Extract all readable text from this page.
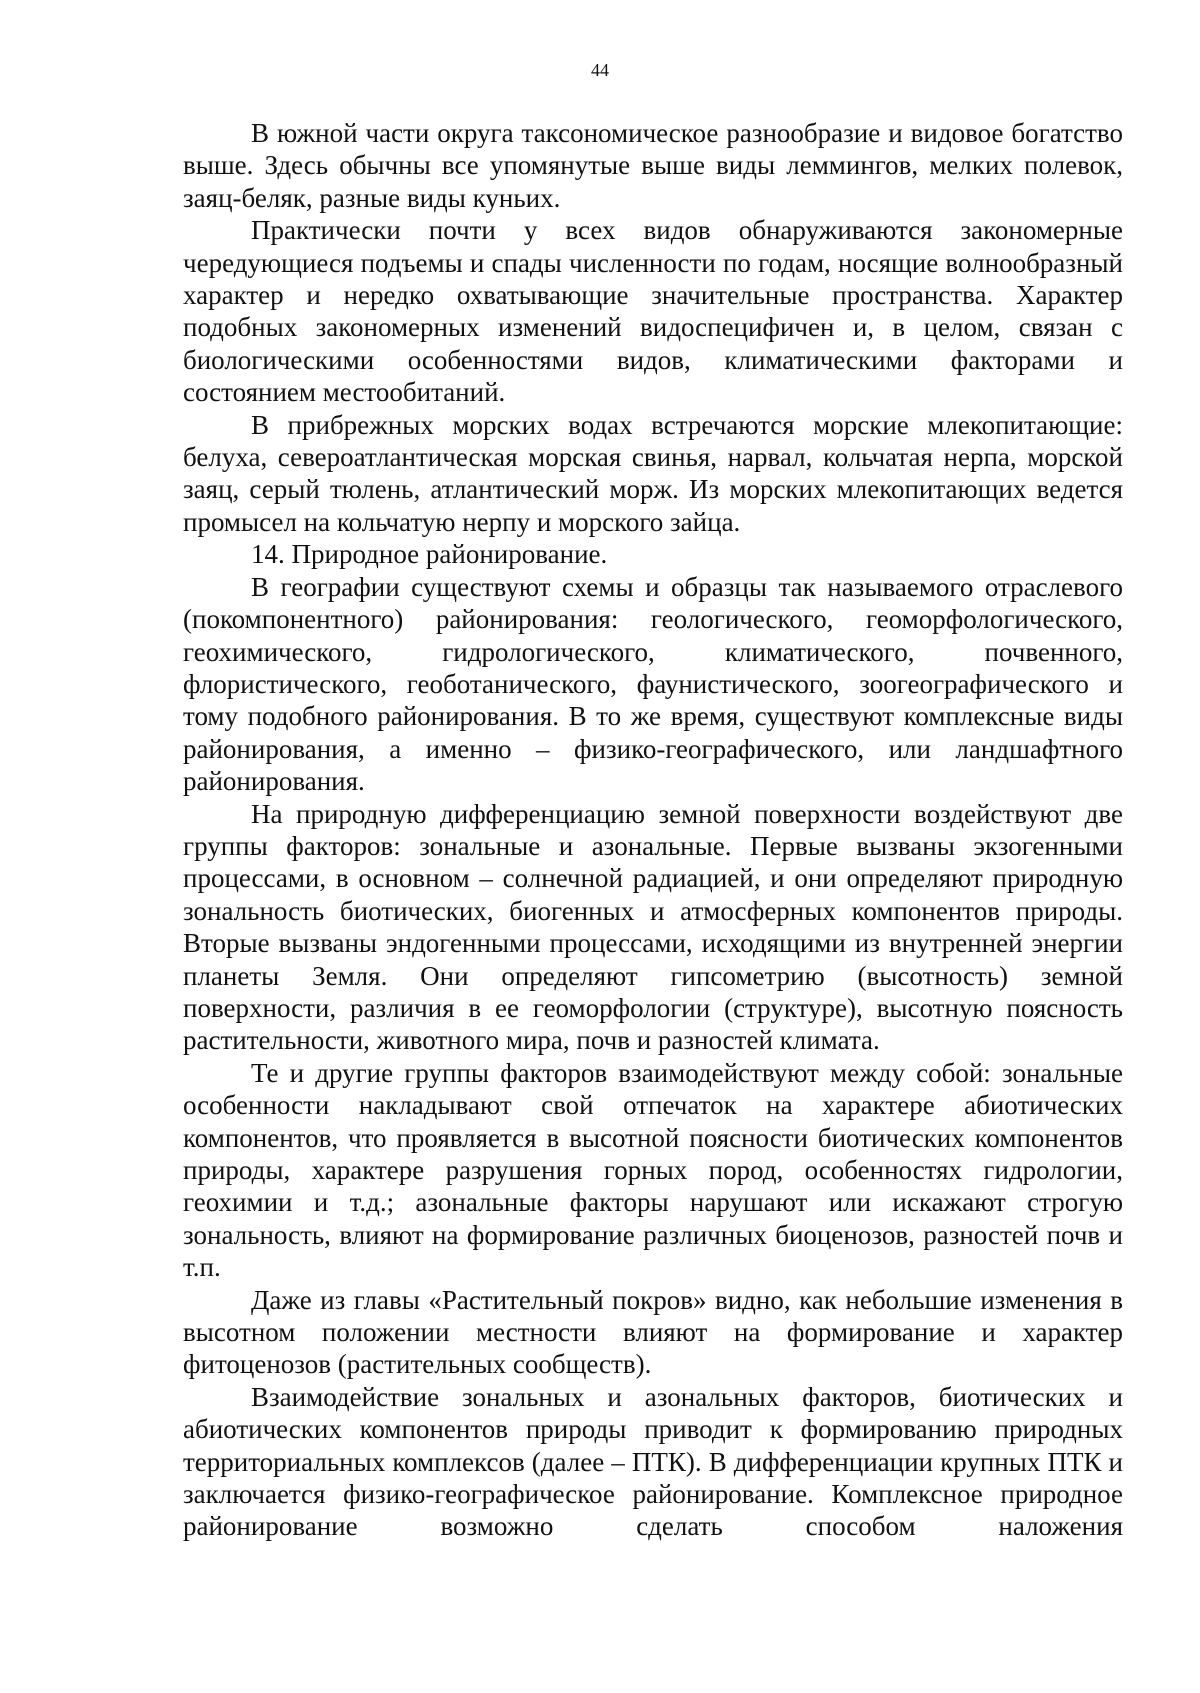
44

В южной части округа таксономическое разнообразие и видовое богатство выше. Здесь обычны все упомянутые выше виды леммингов, мелких полевок, заяц-беляк, разные виды куньих.

Практически почти у всех видов обнаруживаются закономерные чередующиеся подъемы и спады численности по годам, носящие волнообразный характер и нередко охватывающие значительные пространства. Характер подобных закономерных изменений видоспецифичен и, в целом, связан с биологическими особенностями видов, климатическими факторами и состоянием местообитаний.

В прибрежных морских водах встречаются морские млекопитающие: белуха, североатлантическая морская свинья, нарвал, кольчатая нерпа, морской заяц, серый тюлень, атлантический морж. Из морских млекопитающих ведется промысел на кольчатую нерпу и морского зайца.

14. Природное районирование.

В географии существуют схемы и образцы так называемого отраслевого (покомпонентного) районирования: геологического, геоморфологического, геохимического, гидрологического, климатического, почвенного, флористического, геоботанического, фаунистического, зоогеографического и тому подобного районирования. В то же время, существуют комплексные виды районирования, а именно – физико-географического, или ландшафтного районирования.

На природную дифференциацию земной поверхности воздействуют две группы факторов: зональные и азональные. Первые вызваны экзогенными процессами, в основном – солнечной радиацией, и они определяют природную зональность биотических, биогенных и атмосферных компонентов природы. Вторые вызваны эндогенными процессами, исходящими из внутренней энергии планеты Земля. Они определяют гипсометрию (высотность) земной поверхности, различия в ее геоморфологии (структуре), высотную поясность растительности, животного мира, почв и разностей климата.

Те и другие группы факторов взаимодействуют между собой: зональные особенности накладывают свой отпечаток на характере абиотических компонентов, что проявляется в высотной поясности биотических компонентов природы, характере разрушения горных пород, особенностях гидрологии, геохимии и т.д.; азональные факторы нарушают или искажают строгую зональность, влияют на формирование различных биоценозов, разностей почв и т.п.

Даже из главы «Растительный покров» видно, как небольшие изменения в высотном положении местности влияют на формирование и характер фитоценозов (растительных сообществ).

Взаимодействие зональных и азональных факторов, биотических и абиотических компонентов природы приводит к формированию природных территориальных комплексов (далее – ПТК). В дифференциации крупных ПТК и заключается физико-географическое районирование. Комплексное природное районирование возможно сделать способом наложения
